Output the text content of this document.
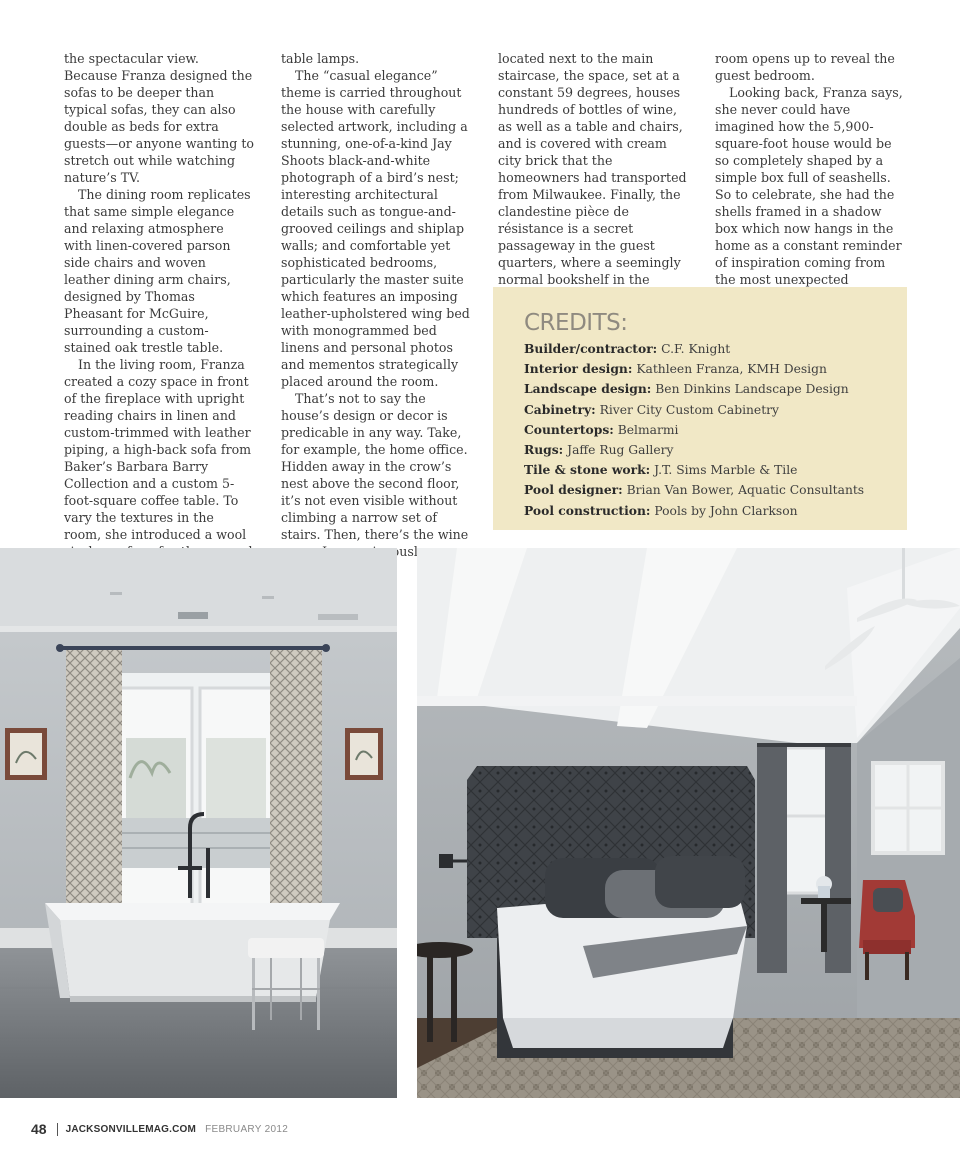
the spectacular view. Because Franza designed the sofas to be deeper than typical sofas, they can also double as beds for extra guests—or anyone wanting to stretch out while watching nature’s TV.

The dining room replicates that same simple elegance and relaxing atmosphere with linen-covered parson side chairs and woven leather dining arm chairs, designed by Thomas Pheasant for McGuire, surrounding a custom-stained oak trestle table.

In the living room, Franza created a cozy space in front of the fireplace with upright reading chairs in linen and custom-trimmed with leather piping, a high-back sofa from Baker’s Barbara Barry Collection and a custom 5-foot-square coffee table. To vary the textures in the room, she introduced a wool

table lamps.

The “casual elegance” theme is carried throughout the house with carefully selected artwork, including a stunning, one-of-a-kind Jay Shoots black-and-white photograph of a bird’s nest; interesting architectural details such as tongue-and-grooved ceilings and shiplap walls; and comfortable yet sophisticated bedrooms, particularly the master suite which features an imposing leather-upholstered wing bed with monogrammed bed linens and personal photos and mementos strategically placed around the room.

That’s not to say the house’s design or decor is predicable in any way. Take, for example, the home office. Hidden away in the crow’s nest above the second floor, it’s not even visible without climbing a narrow set of stairs. Then, there’s the wine

located next to the main staircase, the space, set at a constant 59 degrees, houses hundreds of bottles of wine, as well as a table and chairs, and is covered with cream city brick that the homeowners had transported from Milwaukee. Finally, the clandestine pièce de résistance is a secret passageway in the guest quarters, where a seemingly normal bookshelf in the

room opens up to reveal the guest bedroom.

Looking back, Franza says, she never could have imagined how the 5,900-square-foot house would be so completely shaped by a simple box full of seashells. So to celebrate, she had the shells framed in a shadow box which now hangs in the home as a constant reminder of inspiration coming from the most unexpected

CREDITS:
Builder/contractor: C.F. Knight
Interior design: Kathleen Franza, KMH Design
Landscape design: Ben Dinkins Landscape Design
Cabinetry: River City Custom Cabinetry
Countertops: Belmarmi
Rugs: Jaffe Rug Gallery
Tile & stone work: J.T. Sims Marble & Tile
Pool designer: Brian Van Bower, Aquatic Consultants
Pool construction: Pools by John Clarkson
48 JACKSONVILLEMAG.COM FEBRUARY 2012
